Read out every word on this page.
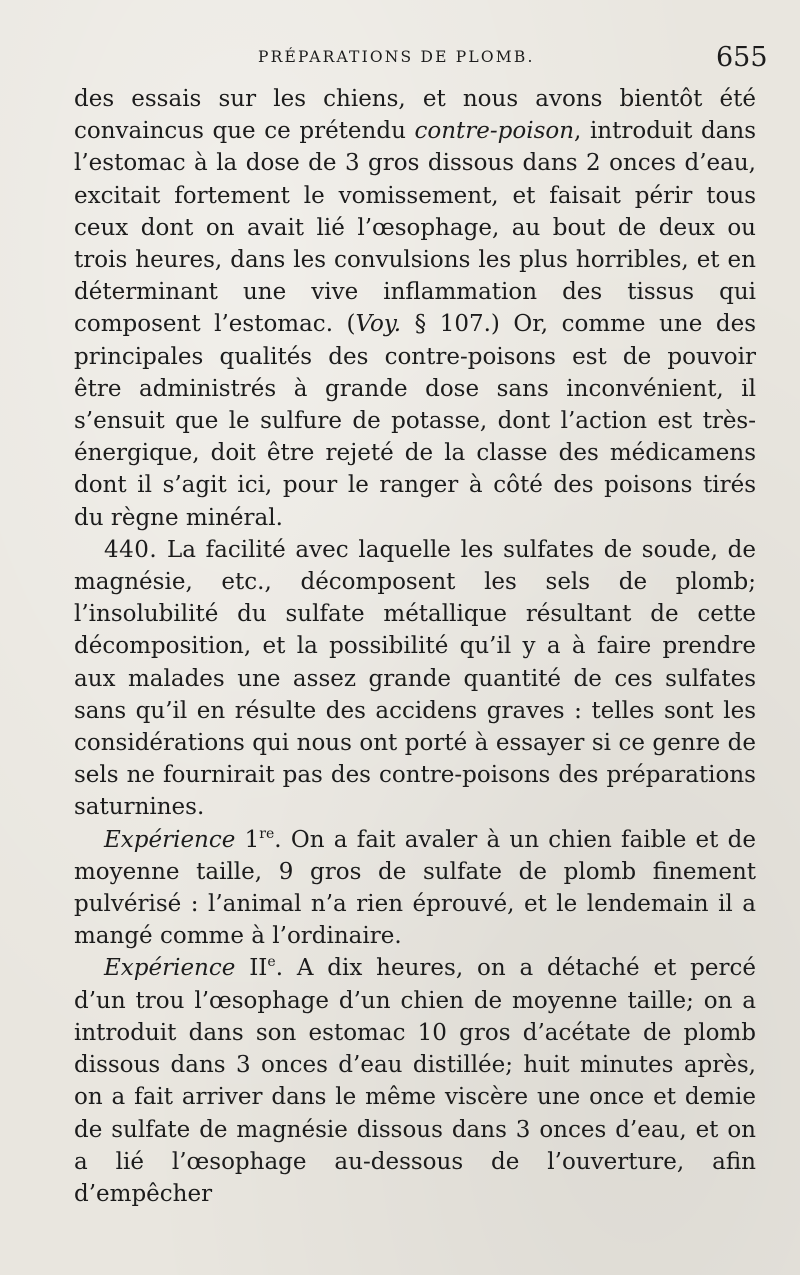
PRÉPARATIONS DE PLOMB.	655

des essais sur les chiens, et nous avons bientôt été convaincus que ce prétendu contre-poison, introduit dans l’estomac à la dose de 3 gros dissous dans 2 onces d’eau, excitait fortement le vomissement, et faisait périr tous ceux dont on avait lié l’œsophage, au bout de deux ou trois heures, dans les convulsions les plus horribles, et en déterminant une vive inflammation des tissus qui composent l’estomac. (Voy. § 107.) Or, comme une des principales qualités des contre-poisons est de pouvoir être administrés à grande dose sans inconvénient, il s’ensuit que le sulfure de potasse, dont l’action est très-énergique, doit être rejeté de la classe des médicamens dont il s’agit ici, pour le ranger à côté des poisons tirés du règne minéral.

440. La facilité avec laquelle les sulfates de soude, de magnésie, etc., décomposent les sels de plomb; l’insolubilité du sulfate métallique résultant de cette décomposition, et la possibilité qu’il y a à faire prendre aux malades une assez grande quantité de ces sulfates sans qu’il en résulte des accidens graves : telles sont les considérations qui nous ont porté à essayer si ce genre de sels ne fournirait pas des contre-poisons des préparations saturnines.

Expérience 1re. On a fait avaler à un chien faible et de moyenne taille, 9 gros de sulfate de plomb finement pulvérisé : l’animal n’a rien éprouvé, et le lendemain il a mangé comme à l’ordinaire.

Expérience IIe. A dix heures, on a détaché et percé d’un trou l’œsophage d’un chien de moyenne taille; on a introduit dans son estomac 10 gros d’acétate de plomb dissous dans 3 onces d’eau distillée; huit minutes après, on a fait arriver dans le même viscère une once et demie de sulfate de magnésie dissous dans 3 onces d’eau, et on a lié l’œsophage au-dessous de l’ouverture, afin d’empêcher
